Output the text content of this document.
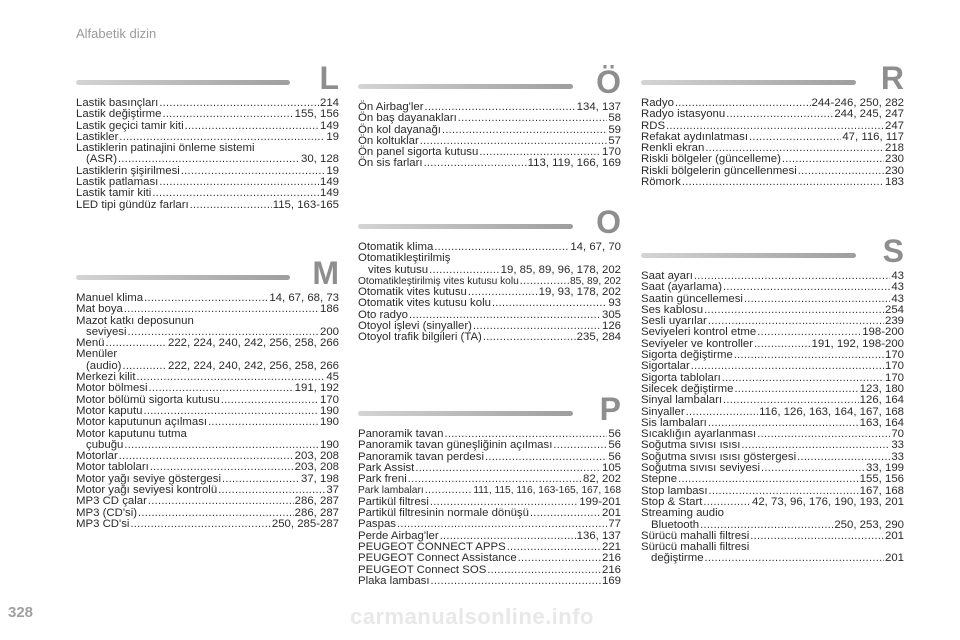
Alfabetik dizin
L
Lastik basınçları .....	214
Lastik değiştirme .....	155, 156
Lastik geçici tamir kiti .....	149
Lastikler .....	19
Lastiklerin patinajini önleme sistemi
(ASR) .....	30, 128
Lastiklerin şişirilmesi .....	19
Lastik patlaması .....	149
Lastik tamir kiti .....	149
LED tipi gündüz farları .....	115, 163-165
M
Manuel klima .....	14, 67, 68, 73
Mat boya .....	186
Mazot katkı deposunun
seviyesi .....	200
Menü .....	222, 224, 240, 242, 256, 258, 266
Menüler
(audio) .....	222, 224, 240, 242, 256, 258, 266
Merkezi kilit .....	45
Motor bölmesi .....	191, 192
Motor bölümü sigorta kutusu .....	170
Motor kaputu .....	190
Motor kaputunun açılması .....	190
Motor kaputunu tutma
çubuğu .....	190
Motorlar .....	203, 208
Motor tabloları .....	203, 208
Motor yağı seviye göstergesi .....	37, 198
Motor yağı seviyesi kontrolü .....	37
MP3 CD çalar .....	286, 287
MP3 (CD'si) .....	286, 287
MP3 CD'si .....	250, 285-287
Ö
Ön Airbag'ler .....	134, 137
Ön baş dayanakları .....	58
Ön kol dayanağı .....	59
Ön koltuklar .....	57
Ön panel sigorta kutusu .....	170
Ön sis farları .....	113, 119, 166, 169
O
Otomatik klima .....	14, 67, 70
Otomatikleştirilmiş
vites kutusu .....	19, 85, 89, 96, 178, 202
Otomatikleştirilmiş vites kutusu kolu .....	85, 89, 202
Otomatik vites kutusu .....	19, 93, 178, 202
Otomatik vites kutusu kolu .....	93
Oto radyo .....	305
Otoyol işlevi (sinyaller) .....	126
Otoyol trafik bilgileri (TA) .....	235, 284
P
Panoramik tavan .....	56
Panoramik tavan güneşliğinin açılması .....	56
Panoramik tavan perdesi .....	56
Park Assist .....	105
Park freni .....	82, 202
Park lambaları .....	111, 115, 116, 163-165, 167, 168
Partikül filtresi .....	199-201
Partikül filtresinin normale dönüşü .....	201
Paspas .....	77
Perde Airbag'ler .....	136, 137
PEUGEOT CONNECT APPS .....	221
PEUGEOT Connect Assistance .....	216
PEUGEOT Connect SOS .....	216
Plaka lambası .....	169
R
Radyo .....	244-246, 250, 282
Radyo istasyonu .....	244, 245, 247
RDS .....	247
Refakat aydınlatması .....	47, 116, 117
Renkli ekran .....	218
Riskli bölgeler (güncelleme) .....	230
Riskli bölgelerin güncellenmesi .....	230
Römork .....	183
S
Saat ayarı .....	43
Saat (ayarlama) .....	43
Saatin güncellemesi .....	43
Ses kablosu .....	254
Sesli uyarılar .....	239
Seviyeleri kontrol etme .....	198-200
Seviyeler ve kontroller .....	191, 192, 198-200
Sigorta değiştirme .....	170
Sigortalar .....	170
Sigorta tabloları .....	170
Silecek değiştirme .....	123, 180
Sinyal lambaları .....	126, 164
Sinyaller .....	116, 126, 163, 164, 167, 168
Sis lambaları .....	163, 164
Sıcaklığın ayarlanması .....	70
Soğutma sıvısı ısısı .....	33
Soğutma sıvısı ısısı göstergesi .....	33
Soğutma sıvısı seviyesi .....	33, 199
Stepne .....	155, 156
Stop lambası .....	167, 168
Stop & Start .....	42, 73, 96, 176, 190, 193, 201
Streaming audio
Bluetooth .....	250, 253, 290
Sürücü mahalli filtresi .....	201
Sürücü mahalli filtresi
değiştirme .....	201
carmanualsonline.info
328
